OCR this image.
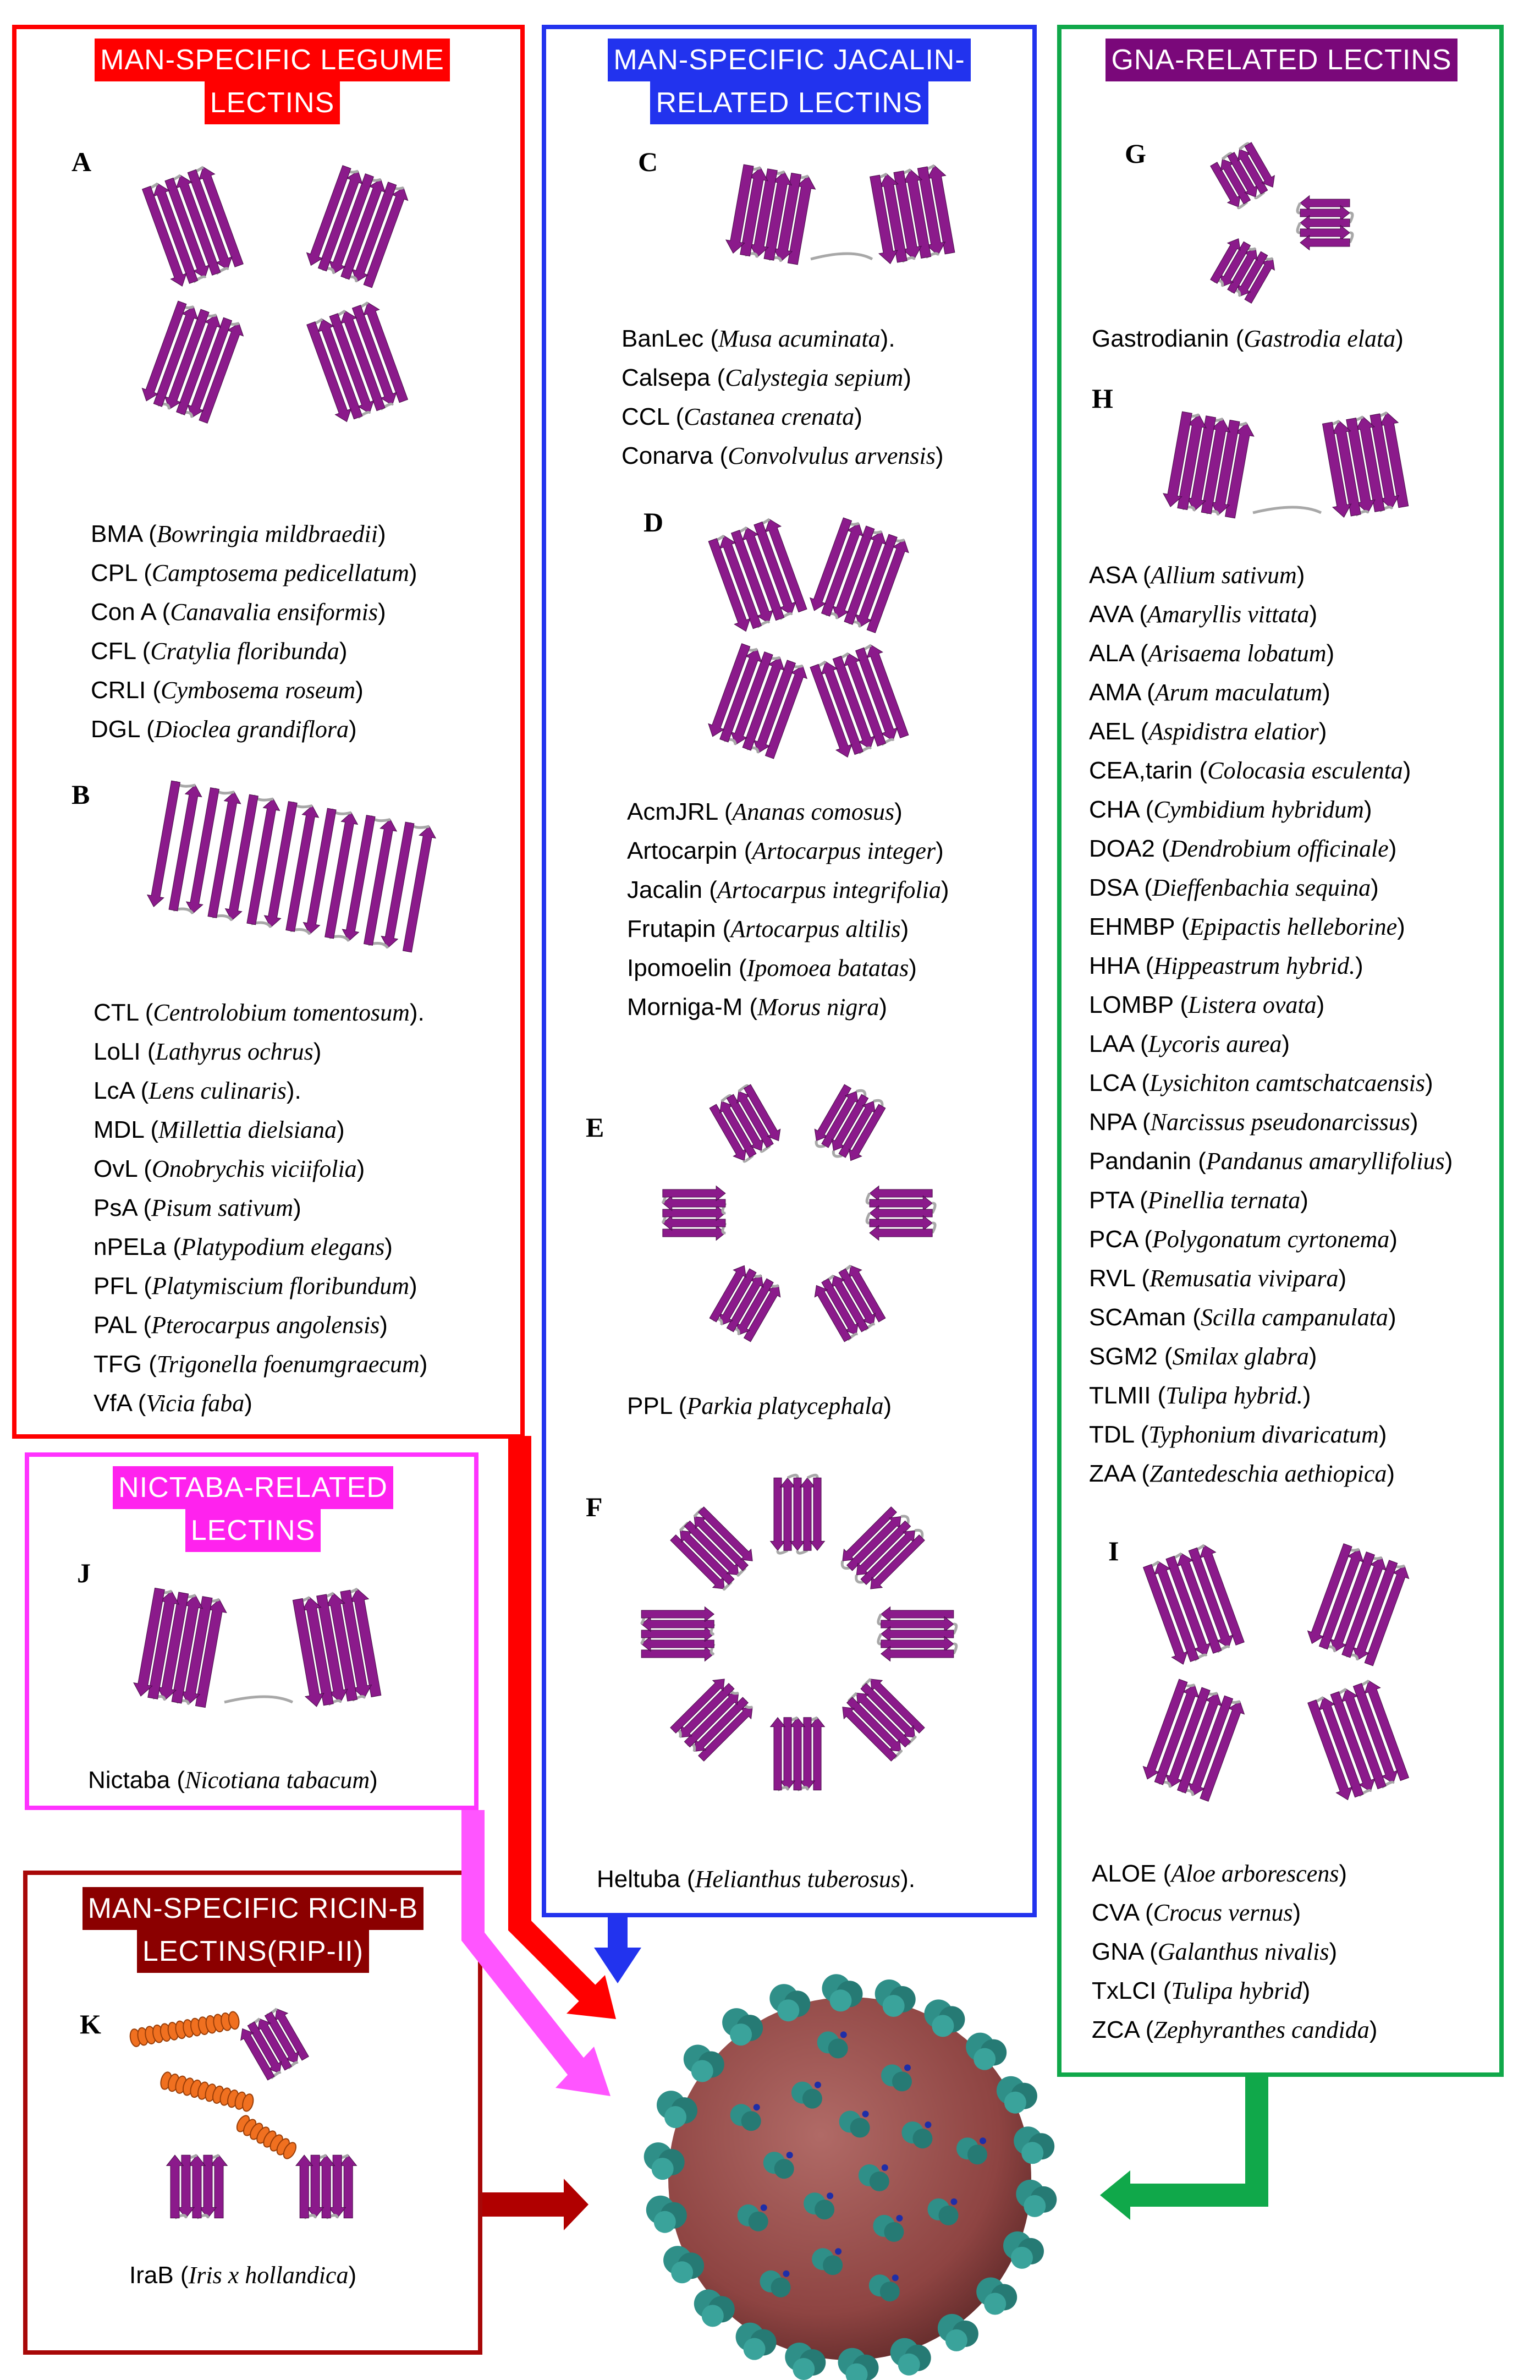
MAN-SPECIFIC LEGUME
LECTINS
MAN-SPECIFIC JACALIN-
RELATED LECTINS
GNA-RELATED LECTINS
NICTABA-RELATED
LECTINS
MAN-SPECIFIC RICIN-B
LECTINS(RIP-II)
A
B
C
D
E
F
G
H
I
J
K
BMA (Bowringia mildbraedii)
CPL (Camptosema pedicellatum)
Con A (Canavalia ensiformis)
CFL (Cratylia floribunda)
CRLI (Cymbosema roseum)
DGL (Dioclea grandiflora)
CTL (Centrolobium tomentosum).
LoLI (Lathyrus ochrus)
LcA (Lens culinaris).
MDL (Millettia dielsiana)
OvL (Onobrychis viciifolia)
PsA (Pisum sativum)
nPELa (Platypodium elegans)
PFL (Platymiscium floribundum)
PAL (Pterocarpus angolensis)
TFG (Trigonella foenumgraecum)
VfA (Vicia faba)
BanLec (Musa acuminata).
Calsepa (Calystegia sepium)
CCL (Castanea crenata)
Conarva (Convolvulus arvensis)
AcmJRL (Ananas comosus)
Artocarpin (Artocarpus integer)
Jacalin (Artocarpus integrifolia)
Frutapin (Artocarpus altilis)
Ipomoelin (Ipomoea batatas)
Morniga-M (Morus nigra)
PPL (Parkia platycephala)
Heltuba (Helianthus tuberosus).
Gastrodianin (Gastrodia elata)
ASA (Allium sativum)
AVA (Amaryllis vittata)
ALA (Arisaema lobatum)
AMA (Arum maculatum)
AEL (Aspidistra elatior)
CEA,tarin (Colocasia esculenta)
CHA (Cymbidium hybridum)
DOA2 (Dendrobium officinale)
DSA (Dieffenbachia sequina)
EHMBP (Epipactis helleborine)
HHA (Hippeastrum hybrid.)
LOMBP (Listera ovata)
LAA (Lycoris aurea)
LCA (Lysichiton camtschatcaensis)
NPA (Narcissus pseudonarcissus)
Pandanin (Pandanus amaryllifolius)
PTA (Pinellia ternata)
PCA (Polygonatum cyrtonema)
RVL (Remusatia vivipara)
SCAman (Scilla campanulata)
SGM2 (Smilax glabra)
TLMII (Tulipa hybrid.)
TDL (Typhonium divaricatum)
ZAA (Zantedeschia aethiopica)
ALOE (Aloe arborescens)
CVA (Crocus vernus)
GNA (Galanthus nivalis)
TxLCI (Tulipa hybrid)
ZCA (Zephyranthes candida)
Nictaba (Nicotiana tabacum)
IraB (Iris x hollandica)
